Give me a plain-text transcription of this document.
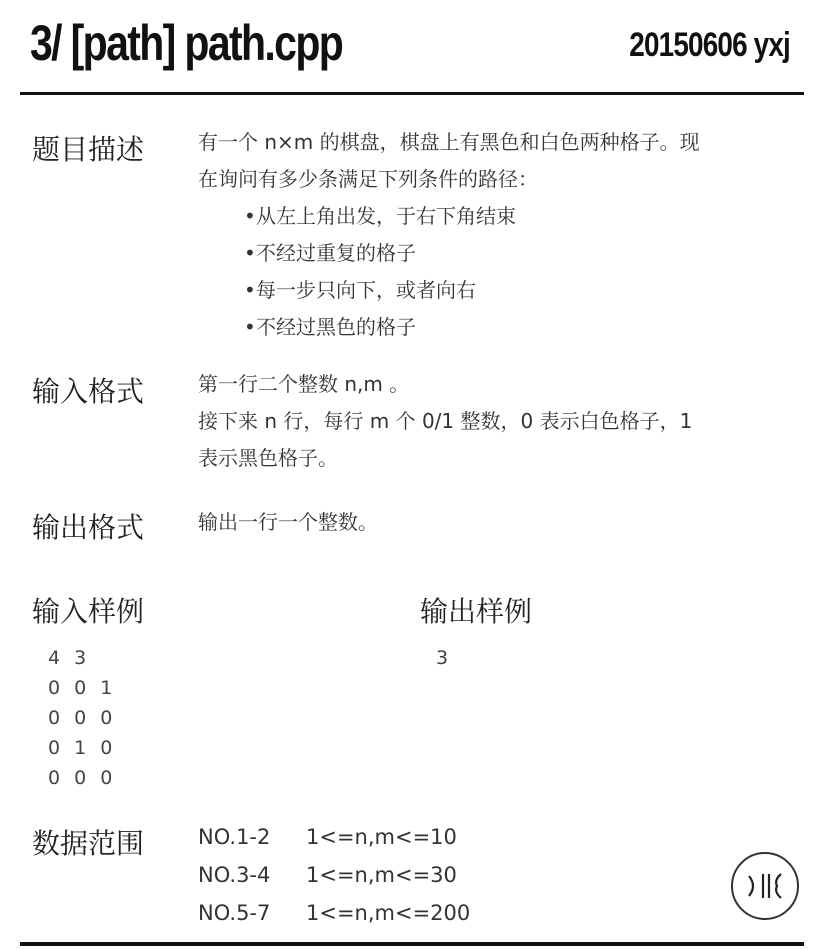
3/ [path] path.cpp	20150606 yxj
题目描述	有一个 n×m 的棋盘，棋盘上有黑色和白色两种格子。现

在询问有多少条满足下列条件的路径：

•从左上角出发，于右下角结束
•不经过重复的格子
•每一步只向下，或者向右
•不经过黑色的格子
输入格式	第一行二个整数 n,m 。

接下来 n 行，每行 m 个 0/1 整数，0 表示白色格子，1

表示黑色格子。

输出格式	输出一行一个整数。

输入样例	输出样例
4 3
0 0 1
0 0 0
0 1 0
0 0 0
3
数据范围	NO.1-2 1<=n,m<=10
NO.3-4 1<=n,m<=30
NO.5-7 1<=n,m<=200
